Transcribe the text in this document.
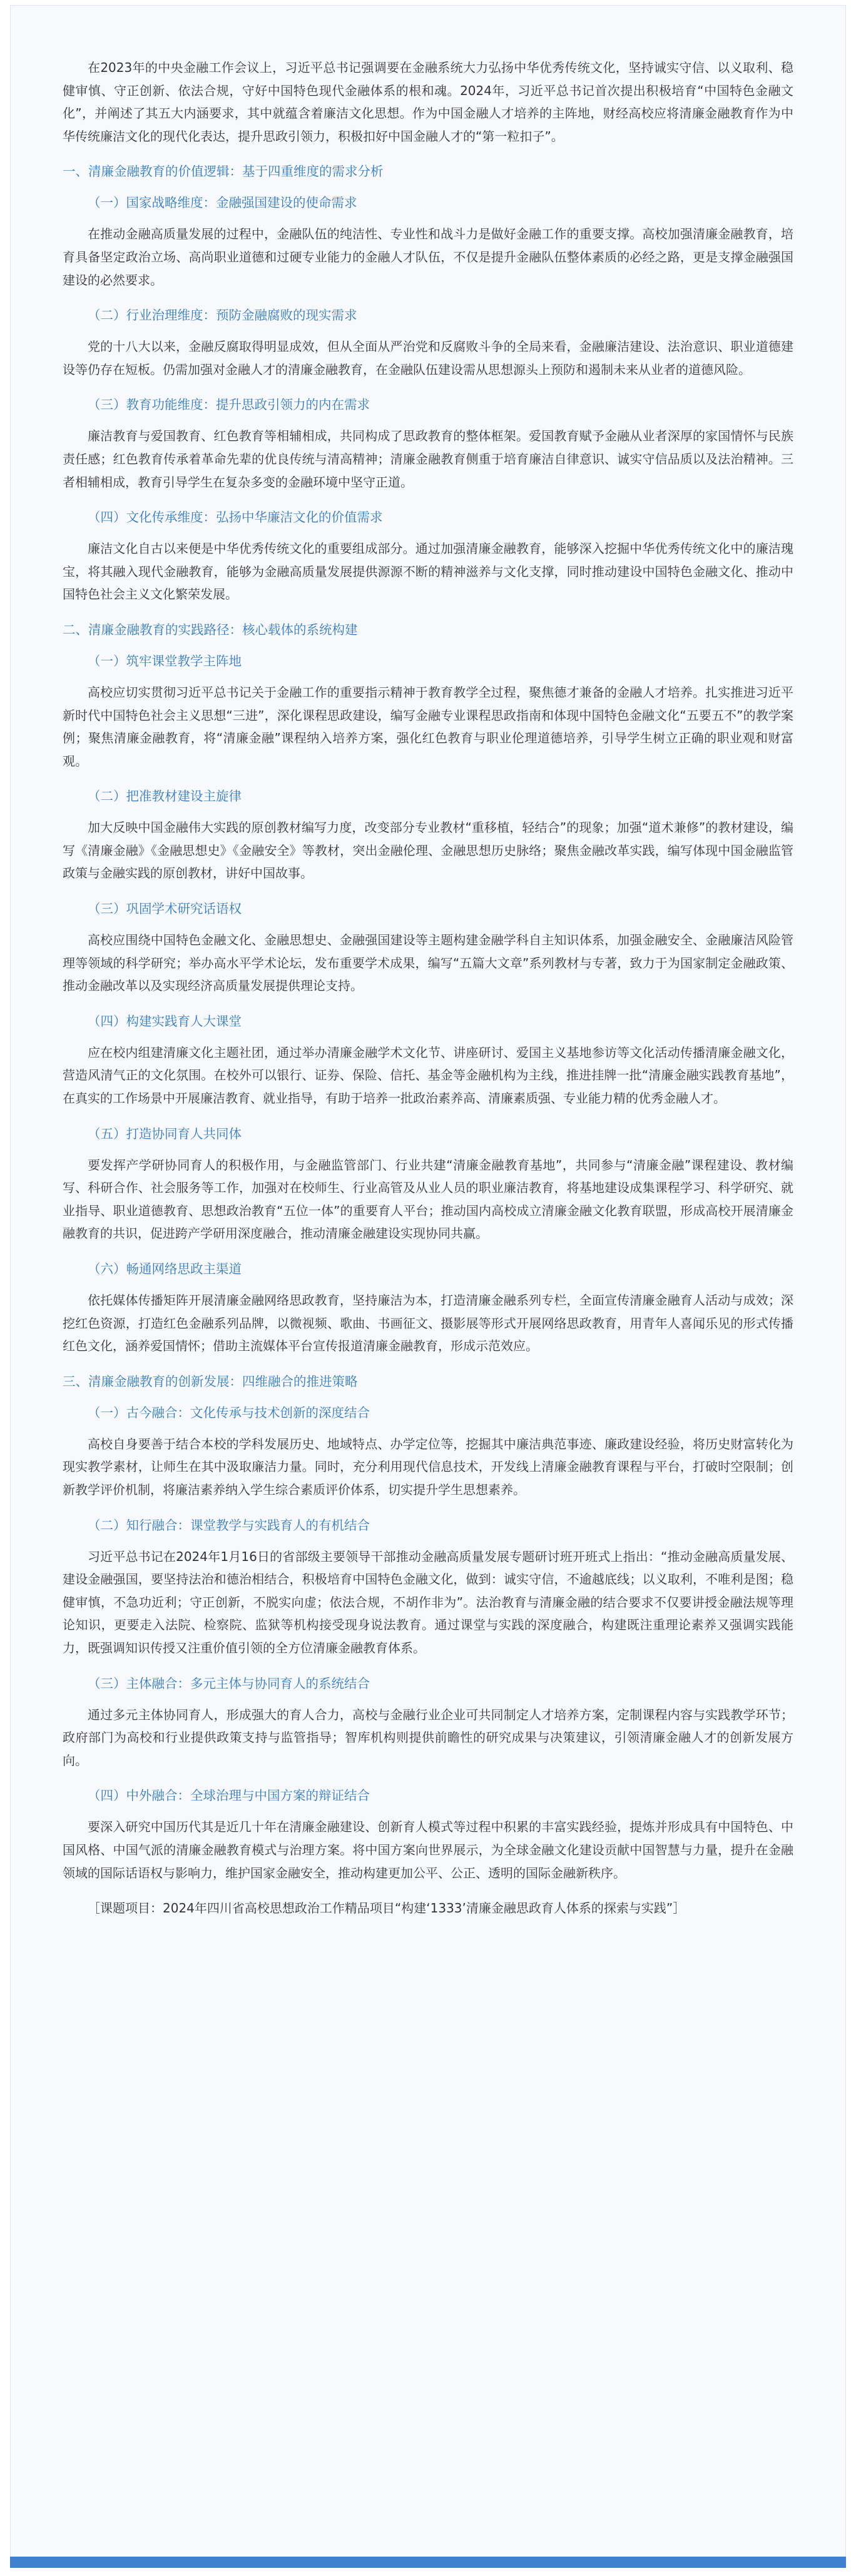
在2023年的中央金融工作会议上，习近平总书记强调要在金融系统大力弘扬中华优秀传统文化，坚持诚实守信、以义取利、稳健审慎、守正创新、依法合规，守好中国特色现代金融体系的根和魂。2024年，习近平总书记首次提出积极培育“中国特色金融文化”，并阐述了其五大内涵要求，其中就蕴含着廉洁文化思想。作为中国金融人才培养的主阵地，财经高校应将清廉金融教育作为中华传统廉洁文化的现代化表达，提升思政引领力，积极扣好中国金融人才的“第一粒扣子”。

一、清廉金融教育的价值逻辑：基于四重维度的需求分析
（一）国家战略维度：金融强国建设的使命需求

在推动金融高质量发展的过程中，金融队伍的纯洁性、专业性和战斗力是做好金融工作的重要支撑。高校加强清廉金融教育，培育具备坚定政治立场、高尚职业道德和过硬专业能力的金融人才队伍，不仅是提升金融队伍整体素质的必经之路，更是支撑金融强国建设的必然要求。

（二）行业治理维度：预防金融腐败的现实需求

党的十八大以来，金融反腐取得明显成效，但从全面从严治党和反腐败斗争的全局来看，金融廉洁建设、法治意识、职业道德建设等仍存在短板。仍需加强对金融人才的清廉金融教育，在金融队伍建设需从思想源头上预防和遏制未来从业者的道德风险。

（三）教育功能维度：提升思政引领力的内在需求

廉洁教育与爱国教育、红色教育等相辅相成，共同构成了思政教育的整体框架。爱国教育赋予金融从业者深厚的家国情怀与民族责任感；红色教育传承着革命先辈的优良传统与清高精神；清廉金融教育侧重于培育廉洁自律意识、诚实守信品质以及法治精神。三者相辅相成，教育引导学生在复杂多变的金融环境中坚守正道。

（四）文化传承维度：弘扬中华廉洁文化的价值需求

廉洁文化自古以来便是中华优秀传统文化的重要组成部分。通过加强清廉金融教育，能够深入挖掘中华优秀传统文化中的廉洁瑰宝，将其融入现代金融教育，能够为金融高质量发展提供源源不断的精神滋养与文化支撑，同时推动建设中国特色金融文化、推动中国特色社会主义文化繁荣发展。

二、清廉金融教育的实践路径：核心载体的系统构建
（一）筑牢课堂教学主阵地

高校应切实贯彻习近平总书记关于金融工作的重要指示精神于教育教学全过程，聚焦德才兼备的金融人才培养。扎实推进习近平新时代中国特色社会主义思想“三进”，深化课程思政建设，编写金融专业课程思政指南和体现中国特色金融文化“五要五不”的教学案例；聚焦清廉金融教育，将“清廉金融”课程纳入培养方案，强化红色教育与职业伦理道德培养，引导学生树立正确的职业观和财富观。

（二）把准教材建设主旋律

加大反映中国金融伟大实践的原创教材编写力度，改变部分专业教材“重移植，轻结合”的现象；加强“道术兼修”的教材建设，编写《清廉金融》《金融思想史》《金融安全》等教材，突出金融伦理、金融思想历史脉络；聚焦金融改革实践，编写体现中国金融监管政策与金融实践的原创教材，讲好中国故事。

（三）巩固学术研究话语权

高校应围绕中国特色金融文化、金融思想史、金融强国建设等主题构建金融学科自主知识体系，加强金融安全、金融廉洁风险管理等领域的科学研究；举办高水平学术论坛，发布重要学术成果，编写“五篇大文章”系列教材与专著，致力于为国家制定金融政策、推动金融改革以及实现经济高质量发展提供理论支持。

（四）构建实践育人大课堂

应在校内组建清廉文化主题社团，通过举办清廉金融学术文化节、讲座研讨、爱国主义基地参访等文化活动传播清廉金融文化，营造风清气正的文化氛围。在校外可以银行、证券、保险、信托、基金等金融机构为主线，推进挂牌一批“清廉金融实践教育基地”，在真实的工作场景中开展廉洁教育、就业指导，有助于培养一批政治素养高、清廉素质强、专业能力精的优秀金融人才。

（五）打造协同育人共同体

要发挥产学研协同育人的积极作用，与金融监管部门、行业共建“清廉金融教育基地”，共同参与“清廉金融”课程建设、教材编写、科研合作、社会服务等工作，加强对在校师生、行业高管及从业人员的职业廉洁教育，将基地建设成集课程学习、科学研究、就业指导、职业道德教育、思想政治教育“五位一体”的重要育人平台；推动国内高校成立清廉金融文化教育联盟，形成高校开展清廉金融教育的共识，促进跨产学研用深度融合，推动清廉金融建设实现协同共赢。

（六）畅通网络思政主渠道

依托媒体传播矩阵开展清廉金融网络思政教育，坚持廉洁为本，打造清廉金融系列专栏，全面宣传清廉金融育人活动与成效；深挖红色资源，打造红色金融系列品牌，以微视频、歌曲、书画征文、摄影展等形式开展网络思政教育，用青年人喜闻乐见的形式传播红色文化，涵养爱国情怀；借助主流媒体平台宣传报道清廉金融教育，形成示范效应。

三、清廉金融教育的创新发展：四维融合的推进策略
（一）古今融合：文化传承与技术创新的深度结合

高校自身要善于结合本校的学科发展历史、地域特点、办学定位等，挖掘其中廉洁典范事迹、廉政建设经验，将历史财富转化为现实教学素材，让师生在其中汲取廉洁力量。同时，充分利用现代信息技术，开发线上清廉金融教育课程与平台，打破时空限制；创新教学评价机制，将廉洁素养纳入学生综合素质评价体系，切实提升学生思想素养。

（二）知行融合：课堂教学与实践育人的有机结合

习近平总书记在2024年1月16日的省部级主要领导干部推动金融高质量发展专题研讨班开班式上指出：“推动金融高质量发展、建设金融强国，要坚持法治和德治相结合，积极培育中国特色金融文化，做到：诚实守信，不逾越底线；以义取利，不唯利是图；稳健审慎，不急功近利；守正创新，不脱实向虚；依法合规，不胡作非为”。法治教育与清廉金融的结合要求不仅要讲授金融法规等理论知识，更要走入法院、检察院、监狱等机构接受现身说法教育。通过课堂与实践的深度融合，构建既注重理论素养又强调实践能力，既强调知识传授又注重价值引领的全方位清廉金融教育体系。

（三）主体融合：多元主体与协同育人的系统结合

通过多元主体协同育人，形成强大的育人合力，高校与金融行业企业可共同制定人才培养方案，定制课程内容与实践教学环节；政府部门为高校和行业提供政策支持与监管指导；智库机构则提供前瞻性的研究成果与决策建议，引领清廉金融人才的创新发展方向。

（四）中外融合：全球治理与中国方案的辩证结合

要深入研究中国历代其是近几十年在清廉金融建设、创新育人模式等过程中积累的丰富实践经验，提炼并形成具有中国特色、中国风格、中国气派的清廉金融教育模式与治理方案。将中国方案向世界展示，为全球金融文化建设贡献中国智慧与力量，提升在金融领域的国际话语权与影响力，维护国家金融安全，推动构建更加公平、公正、透明的国际金融新秩序。

［课题项目：2024年四川省高校思想政治工作精品项目“构建‘1333’清廉金融思政育人体系的探索与实践”］
